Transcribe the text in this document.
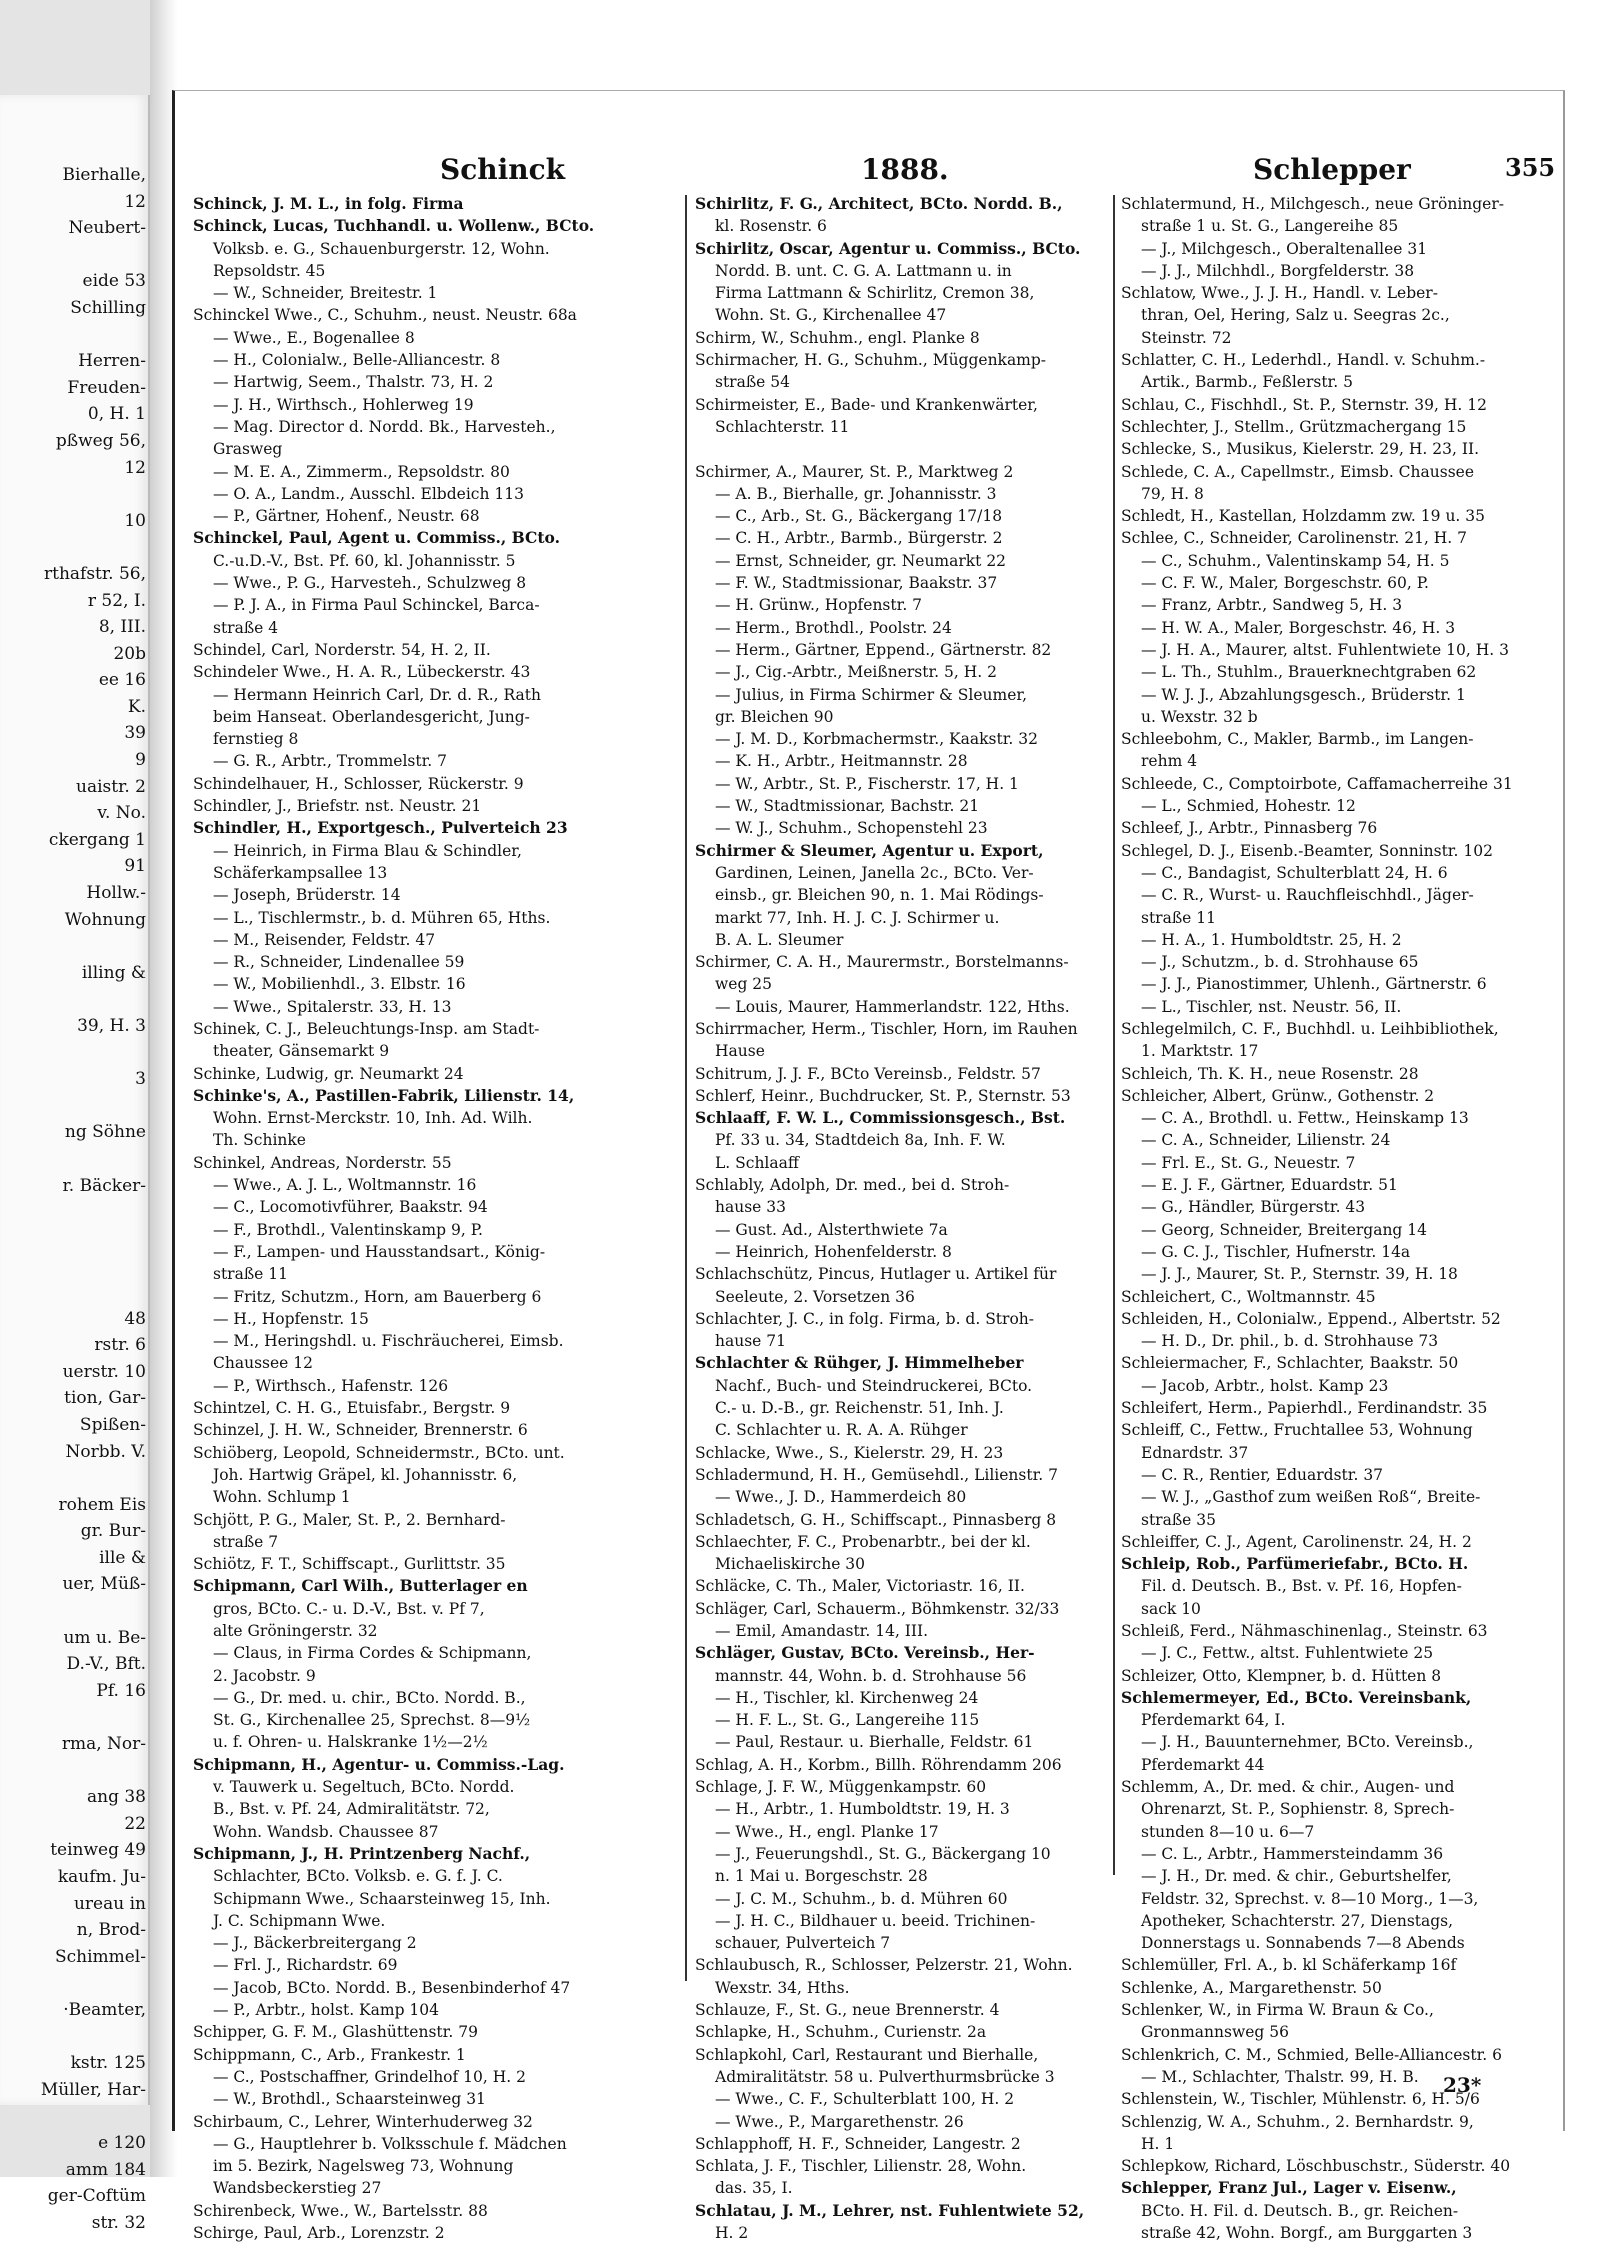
Bierhalle,
12
Neubert-

eide 53
Schilling

Herren-
Freuden-
0, H. 1
pßweg 56,
12

10

rthafstr. 56,
r 52, I.
8, III.
20b
ee 16
K.
39
9
uaistr. 2
v. No.
ckergang 1
91
Hollw.-
Wohnung

illing &

39, H. 3

3

ng Söhne

r. Bäcker-

48
rstr. 6
uerstr. 10
tion, Gar-
Spißen-
Norbb. V.

rohem Eis
gr. Bur-
ille &
uer, Müß-

um u. Be-
D.-V., Bft.
Pf. 16

rma, Nor-

ang 38
22
teinweg 49
kaufm. Ju-
ureau in
n, Brod-
Schimmel-

·Beamter,

kstr. 125
Müller, Har-

e 120
amm 184
ger-Coftüm
str. 32
Schinck	1888.	Schlepper	355
Schinck, J. M. L., in folg. Firma
Schinck, Lucas, Tuchhandl. u. Wollenw., BCto.
Volksb. e. G., Schauenburgerstr. 12, Wohn.
Repsoldstr. 45
— W., Schneider, Breitestr. 1
Schinckel Wwe., C., Schuhm., neust. Neustr. 68a
— Wwe., E., Bogenallee 8
— H., Colonialw., Belle-Alliancestr. 8
— Hartwig, Seem., Thalstr. 73, H. 2
— J. H., Wirthsch., Hohlerweg 19
— Mag. Director d. Nordd. Bk., Harvesteh.,
Grasweg
— M. E. A., Zimmerm., Repsoldstr. 80
— O. A., Landm., Ausschl. Elbdeich 113
— P., Gärtner, Hohenf., Neustr. 68
Schinckel, Paul, Agent u. Commiss., BCto.
C.-u.D.-V., Bst. Pf. 60, kl. Johannisstr. 5
— Wwe., P. G., Harvesteh., Schulzweg 8
— P. J. A., in Firma Paul Schinckel, Barca-
straße 4
Schindel, Carl, Norderstr. 54, H. 2, II.
Schindeler Wwe., H. A. R., Lübeckerstr. 43
— Hermann Heinrich Carl, Dr. d. R., Rath
beim Hanseat. Oberlandesgericht, Jung-
fernstieg 8
— G. R., Arbtr., Trommelstr. 7
Schindelhauer, H., Schlosser, Rückerstr. 9
Schindler, J., Briefstr. nst. Neustr. 21
Schindler, H., Exportgesch., Pulverteich 23
— Heinrich, in Firma Blau & Schindler,
Schäferkampsallee 13
— Joseph, Brüderstr. 14
— L., Tischlermstr., b. d. Mühren 65, Hths.
— M., Reisender, Feldstr. 47
— R., Schneider, Lindenallee 59
— W., Mobilienhdl., 3. Elbstr. 16
— Wwe., Spitalerstr. 33, H. 13
Schinek, C. J., Beleuchtungs-Insp. am Stadt-
theater, Gänsemarkt 9
Schinke, Ludwig, gr. Neumarkt 24
Schinke's, A., Pastillen-Fabrik, Lilienstr. 14,
Wohn. Ernst-Merckstr. 10, Inh. Ad. Wilh.
Th. Schinke
Schinkel, Andreas, Norderstr. 55
— Wwe., A. J. L., Woltmannstr. 16
— C., Locomotivführer, Baakstr. 94
— F., Brothdl., Valentinskamp 9, P.
— F., Lampen- und Hausstandsart., König-
straße 11
— Fritz, Schutzm., Horn, am Bauerberg 6
— H., Hopfenstr. 15
— M., Heringshdl. u. Fischräucherei, Eimsb.
Chaussee 12
— P., Wirthsch., Hafenstr. 126
Schintzel, C. H. G., Etuisfabr., Bergstr. 9
Schinzel, J. H. W., Schneider, Brennerstr. 6
Schiöberg, Leopold, Schneidermstr., BCto. unt.
Joh. Hartwig Gräpel, kl. Johannisstr. 6,
Wohn. Schlump 1
Schjött, P. G., Maler, St. P., 2. Bernhard-
straße 7
Schiötz, F. T., Schiffscapt., Gurlittstr. 35
Schipmann, Carl Wilh., Butterlager en
gros, BCto. C.- u. D.-V., Bst. v. Pf 7,
alte Gröningerstr. 32
— Claus, in Firma Cordes & Schipmann,
2. Jacobstr. 9
— G., Dr. med. u. chir., BCto. Nordd. B.,
St. G., Kirchenallee 25, Sprechst. 8—9½
u. f. Ohren- u. Halskranke 1½—2½
Schipmann, H., Agentur- u. Commiss.-Lag.
v. Tauwerk u. Segeltuch, BCto. Nordd.
B., Bst. v. Pf. 24, Admiralitätstr. 72,
Wohn. Wandsb. Chaussee 87
Schipmann, J., H. Printzenberg Nachf.,
Schlachter, BCto. Volksb. e. G. f. J. C.
Schipmann Wwe., Schaarsteinweg 15, Inh.
J. C. Schipmann Wwe.
— J., Bäckerbreitergang 2
— Frl. J., Richardstr. 69
— Jacob, BCto. Nordd. B., Besenbinderhof 47
— P., Arbtr., holst. Kamp 104
Schipper, G. F. M., Glashüttenstr. 79
Schippmann, C., Arb., Frankestr. 1
— C., Postschaffner, Grindelhof 10, H. 2
— W., Brothdl., Schaarsteinweg 31
Schirbaum, C., Lehrer, Winterhuderweg 32
— G., Hauptlehrer b. Volksschule f. Mädchen
im 5. Bezirk, Nagelsweg 73, Wohnung
Wandsbeckerstieg 27
Schirenbeck, Wwe., W., Bartelsstr. 88
Schirge, Paul, Arb., Lorenzstr. 2
Schirlitz, F. G., Architect, BCto. Nordd. B.,
kl. Rosenstr. 6
Schirlitz, Oscar, Agentur u. Commiss., BCto.
Nordd. B. unt. C. G. A. Lattmann u. in
Firma Lattmann & Schirlitz, Cremon 38,
Wohn. St. G., Kirchenallee 47
Schirm, W., Schuhm., engl. Planke 8
Schirmacher, H. G., Schuhm., Müggenkamp-
straße 54
Schirmeister, E., Bade- und Krankenwärter,
Schlachterstr. 11

Schirmer, A., Maurer, St. P., Marktweg 2
— A. B., Bierhalle, gr. Johannisstr. 3
— C., Arb., St. G., Bäckergang 17/18
— C. H., Arbtr., Barmb., Bürgerstr. 2
— Ernst, Schneider, gr. Neumarkt 22
— F. W., Stadtmissionar, Baakstr. 37
— H. Grünw., Hopfenstr. 7
— Herm., Brothdl., Poolstr. 24
— Herm., Gärtner, Eppend., Gärtnerstr. 82
— J., Cig.-Arbtr., Meißnerstr. 5, H. 2
— Julius, in Firma Schirmer & Sleumer,
gr. Bleichen 90
— J. M. D., Korbmachermstr., Kaakstr. 32
— K. H., Arbtr., Heitmannstr. 28
— W., Arbtr., St. P., Fischerstr. 17, H. 1
— W., Stadtmissionar, Bachstr. 21
— W. J., Schuhm., Schopenstehl 23
Schirmer & Sleumer, Agentur u. Export,
Gardinen, Leinen, Janella 2c., BCto. Ver-
einsb., gr. Bleichen 90, n. 1. Mai Rödings-
markt 77, Inh. H. J. C. J. Schirmer u.
B. A. L. Sleumer
Schirmer, C. A. H., Maurermstr., Borstelmanns-
weg 25
— Louis, Maurer, Hammerlandstr. 122, Hths.
Schirrmacher, Herm., Tischler, Horn, im Rauhen
Hause
Schitrum, J. J. F., BCto Vereinsb., Feldstr. 57
Schlerf, Heinr., Buchdrucker, St. P., Sternstr. 53
Schlaaff, F. W. L., Commissionsgesch., Bst.
Pf. 33 u. 34, Stadtdeich 8a, Inh. F. W.
L. Schlaaff
Schlably, Adolph, Dr. med., bei d. Stroh-
hause 33
— Gust. Ad., Alsterthwiete 7a
— Heinrich, Hohenfelderstr. 8
Schlachschütz, Pincus, Hutlager u. Artikel für
Seeleute, 2. Vorsetzen 36
Schlachter, J. C., in folg. Firma, b. d. Stroh-
hause 71
Schlachter & Rühger, J. Himmelheber
Nachf., Buch- und Steindruckerei, BCto.
C.- u. D.-B., gr. Reichenstr. 51, Inh. J.
C. Schlachter u. R. A. A. Rühger
Schlacke, Wwe., S., Kielerstr. 29, H. 23
Schladermund, H. H., Gemüsehdl., Lilienstr. 7
— Wwe., J. D., Hammerdeich 80
Schladetsch, G. H., Schiffscapt., Pinnasberg 8
Schlaechter, F. C., Probenarbtr., bei der kl.
Michaeliskirche 30
Schläcke, C. Th., Maler, Victoriastr. 16, II.
Schläger, Carl, Schauerm., Böhmkenstr. 32/33
— Emil, Amandastr. 14, III.
Schläger, Gustav, BCto. Vereinsb., Her-
mannstr. 44, Wohn. b. d. Strohhause 56
— H., Tischler, kl. Kirchenweg 24
— H. F. L., St. G., Langereihe 115
— Paul, Restaur. u. Bierhalle, Feldstr. 61
Schlag, A. H., Korbm., Billh. Röhrendamm 206
Schlage, J. F. W., Müggenkampstr. 60
— H., Arbtr., 1. Humboldtstr. 19, H. 3
— Wwe., H., engl. Planke 17
— J., Feuerungshdl., St. G., Bäckergang 10
n. 1 Mai u. Borgeschstr. 28
— J. C. M., Schuhm., b. d. Mühren 60
— J. H. C., Bildhauer u. beeid. Trichinen-
schauer, Pulverteich 7
Schlaubusch, R., Schlosser, Pelzerstr. 21, Wohn.
Wexstr. 34, Hths.
Schlauze, F., St. G., neue Brennerstr. 4
Schlapke, H., Schuhm., Curienstr. 2a
Schlapkohl, Carl, Restaurant und Bierhalle,
Admiralitätstr. 58 u. Pulverthurmsbrücke 3
— Wwe., C. F., Schulterblatt 100, H. 2
— Wwe., P., Margarethenstr. 26
Schlapphoff, H. F., Schneider, Langestr. 2
Schlata, J. F., Tischler, Lilienstr. 28, Wohn.
das. 35, I.
Schlatau, J. M., Lehrer, nst. Fuhlentwiete 52,
H. 2
Schlatermund, H., Milchgesch., neue Gröninger-
straße 1 u. St. G., Langereihe 85
— J., Milchgesch., Oberaltenallee 31
— J. J., Milchhdl., Borgfelderstr. 38
Schlatow, Wwe., J. J. H., Handl. v. Leber-
thran, Oel, Hering, Salz u. Seegras 2c.,
Steinstr. 72
Schlatter, C. H., Lederhdl., Handl. v. Schuhm.-
Artik., Barmb., Feßlerstr. 5
Schlau, C., Fischhdl., St. P., Sternstr. 39, H. 12
Schlechter, J., Stellm., Grützmachergang 15
Schlecke, S., Musikus, Kielerstr. 29, H. 23, II.
Schlede, C. A., Capellmstr., Eimsb. Chaussee
79, H. 8
Schledt, H., Kastellan, Holzdamm zw. 19 u. 35
Schlee, C., Schneider, Carolinenstr. 21, H. 7
— C., Schuhm., Valentinskamp 54, H. 5
— C. F. W., Maler, Borgeschstr. 60, P.
— Franz, Arbtr., Sandweg 5, H. 3
— H. W. A., Maler, Borgeschstr. 46, H. 3
— J. H. A., Maurer, altst. Fuhlentwiete 10, H. 3
— L. Th., Stuhlm., Brauerknechtgraben 62
— W. J. J., Abzahlungsgesch., Brüderstr. 1
u. Wexstr. 32 b
Schleebohm, C., Makler, Barmb., im Langen-
rehm 4
Schleede, C., Comptoirbote, Caffamacherreihe 31
— L., Schmied, Hohestr. 12
Schleef, J., Arbtr., Pinnasberg 76
Schlegel, D. J., Eisenb.-Beamter, Sonninstr. 102
— C., Bandagist, Schulterblatt 24, H. 6
— C. R., Wurst- u. Rauchfleischhdl., Jäger-
straße 11
— H. A., 1. Humboldtstr. 25, H. 2
— J., Schutzm., b. d. Strohhause 65
— J. J., Pianostimmer, Uhlenh., Gärtnerstr. 6
— L., Tischler, nst. Neustr. 56, II.
Schlegelmilch, C. F., Buchhdl. u. Leihbibliothek,
1. Marktstr. 17
Schleich, Th. K. H., neue Rosenstr. 28
Schleicher, Albert, Grünw., Gothenstr. 2
— C. A., Brothdl. u. Fettw., Heinskamp 13
— C. A., Schneider, Lilienstr. 24
— Frl. E., St. G., Neuestr. 7
— E. J. F., Gärtner, Eduardstr. 51
— G., Händler, Bürgerstr. 43
— Georg, Schneider, Breitergang 14
— G. C. J., Tischler, Hufnerstr. 14a
— J. J., Maurer, St. P., Sternstr. 39, H. 18
Schleichert, C., Woltmannstr. 45
Schleiden, H., Colonialw., Eppend., Albertstr. 52
— H. D., Dr. phil., b. d. Strohhause 73
Schleiermacher, F., Schlachter, Baakstr. 50
— Jacob, Arbtr., holst. Kamp 23
Schleifert, Herm., Papierhdl., Ferdinandstr. 35
Schleiff, C., Fettw., Fruchtallee 53, Wohnung
Ednardstr. 37
— C. R., Rentier, Eduardstr. 37
— W. J., „Gasthof zum weißen Roß“, Breite-
straße 35
Schleiffer, C. J., Agent, Carolinenstr. 24, H. 2
Schleip, Rob., Parfümeriefabr., BCto. H.
Fil. d. Deutsch. B., Bst. v. Pf. 16, Hopfen-
sack 10
Schleiß, Ferd., Nähmaschinenlag., Steinstr. 63
— J. C., Fettw., altst. Fuhlentwiete 25
Schleizer, Otto, Klempner, b. d. Hütten 8
Schlemermeyer, Ed., BCto. Vereinsbank,
Pferdemarkt 64, I.
— J. H., Bauunternehmer, BCto. Vereinsb.,
Pferdemarkt 44
Schlemm, A., Dr. med. & chir., Augen- und
Ohrenarzt, St. P., Sophienstr. 8, Sprech-
stunden 8—10 u. 6—7
— C. L., Arbtr., Hammersteindamm 36
— J. H., Dr. med. & chir., Geburtshelfer,
Feldstr. 32, Sprechst. v. 8—10 Morg., 1—3,
Apotheker, Schachterstr. 27, Dienstags,
Donnerstags u. Sonnabends 7—8 Abends
Schlemüller, Frl. A., b. kl Schäferkamp 16f
Schlenke, A., Margarethenstr. 50
Schlenker, W., in Firma W. Braun & Co.,
Gronmannsweg 56
Schlenkrich, C. M., Schmied, Belle-Alliancestr. 6
— M., Schlachter, Thalstr. 99, H. B.
Schlenstein, W., Tischler, Mühlenstr. 6, H. 5/6
Schlenzig, W. A., Schuhm., 2. Bernhardstr. 9,
H. 1
Schlepkow, Richard, Löschbuschstr., Süderstr. 40
Schlepper, Franz Jul., Lager v. Eisenw.,
BCto. H. Fil. d. Deutsch. B., gr. Reichen-
straße 42, Wohn. Borgf., am Burggarten 3
23*
